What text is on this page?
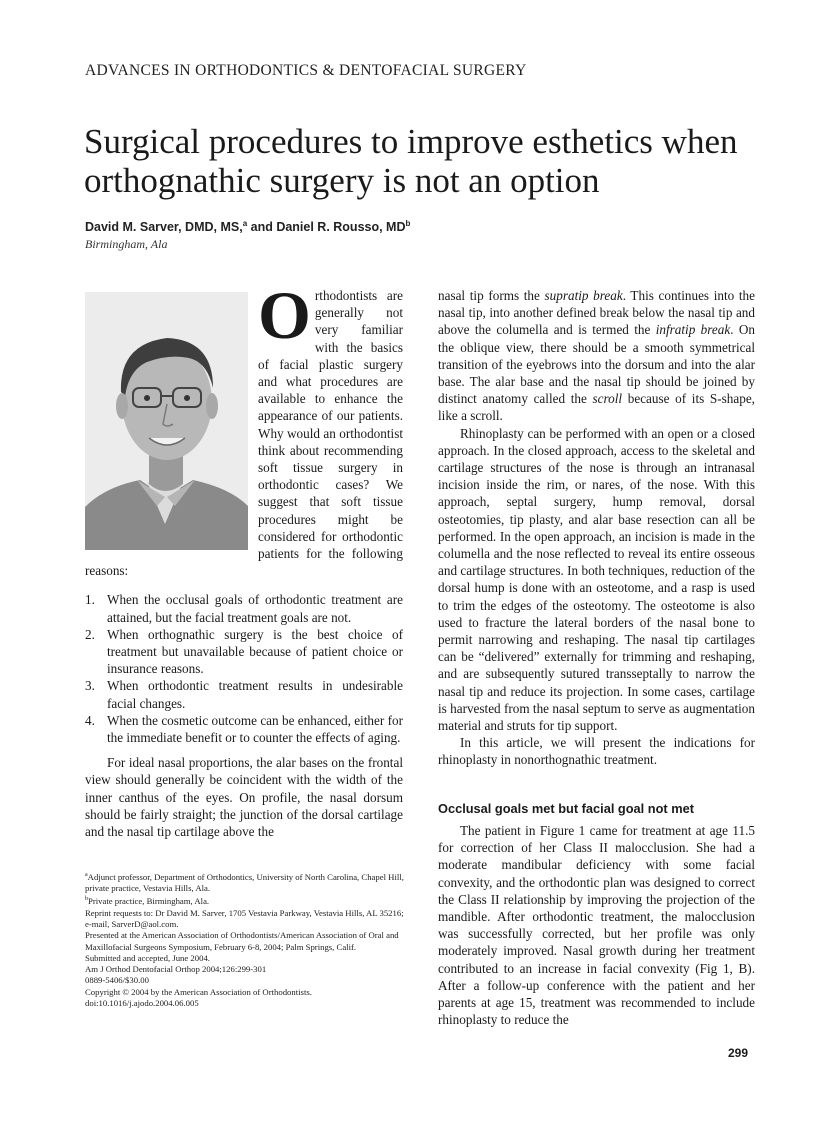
ADVANCES IN ORTHODONTICS & DENTOFACIAL SURGERY
Surgical procedures to improve esthetics when orthognathic surgery is not an option
David M. Sarver, DMD, MS,$^a$ and Daniel R. Rousso, $MD^b$
Birmingham, Ala

Orthodontists are generally not very familiar with the basics of facial plastic surgery and what procedures are available to enhance the appearance of our patients. Why would an orthodontist think about recommending soft tissue surgery in orthodontic cases? We suggest that soft tissue procedures might be considered for orthodontic patients for the following reasons:

1. When the occlusal goals of orthodontic treatment are attained, but the facial treatment goals are not.
2. When orthognathic surgery is the best choice of treatment but unavailable because of patient choice or insurance reasons.
3. When orthodontic treatment results in undesirable facial changes.
4. When the cosmetic outcome can be enhanced, either for the immediate benefit or to counter the effects of aging.

For ideal nasal proportions, the alar bases on the frontal view should generally be coincident with the width of the inner canthus of the eyes. On profile, the nasal dorsum should be fairly straight; the junction of the dorsal cartilage and the nasal tip cartilage above the

$^a$Adjunct professor, Department of Orthodontics, University of North Carolina, Chapel Hill, private practice, Vestavia Hills, Ala.
$^b$Private practice, Birmingham, Ala.
Reprint requests to: Dr David M. Sarver, 1705 Vestavia Parkway, Vestavia Hills, AL 35216; e-mail, SarverD@aol.com.
Presented at the American Association of Orthodontists/American Association of Oral and Maxillofacial Surgeons Symposium, February 6-8, 2004; Palm Springs, Calif.
Submitted and accepted, June 2004.
Am J Orthod Dentofacial Orthop 2004;126:299-301
0889-5406/$30.00
Copyright © 2004 by the American Association of Orthodontists.
doi:10.1016/j.ajodo.2004.06.005

nasal tip forms the supratip break. This continues into the nasal tip, into another defined break below the nasal tip and above the columella and is termed the infratip break. On the oblique view, there should be a smooth symmetrical transition of the eyebrows into the dorsum and into the alar base. The alar base and the nasal tip should be joined by distinct anatomy called the scroll because of its S-shape, like a scroll.

Rhinoplasty can be performed with an open or a closed approach. In the closed approach, access to the skeletal and cartilage structures of the nose is through an intranasal incision inside the rim, or nares, of the nose. With this approach, septal surgery, hump removal, dorsal osteotomies, tip plasty, and alar base resection can all be performed. In the open approach, an incision is made in the columella and the nose reflected to reveal its entire osseous and cartilage structures. In both techniques, reduction of the dorsal hump is done with an osteotome, and a rasp is used to trim the edges of the osteotomy. The osteotome is also used to fracture the lateral borders of the nasal bone to permit narrowing and reshaping. The nasal tip cartilages can be “delivered” externally for trimming and reshaping, and are subsequently sutured transseptally to narrow the nasal tip and reduce its projection. In some cases, cartilage is harvested from the nasal septum to serve as augmentation material and struts for tip support.

In this article, we will present the indications for rhinoplasty in nonorthognathic treatment.

Occlusal goals met but facial goal not met

The patient in Figure 1 came for treatment at age 11.5 for correction of her Class II malocclusion. She had a moderate mandibular deficiency with some facial convexity, and the orthodontic plan was designed to correct the Class II relationship by improving the projection of the mandible. After orthodontic treatment, the malocclusion was successfully corrected, but her profile was only moderately improved. Nasal growth during her treatment contributed to an increase in facial convexity (Fig 1, B). After a follow-up conference with the patient and her parents at age 15, treatment was recommended to include rhinoplasty to reduce the

299
